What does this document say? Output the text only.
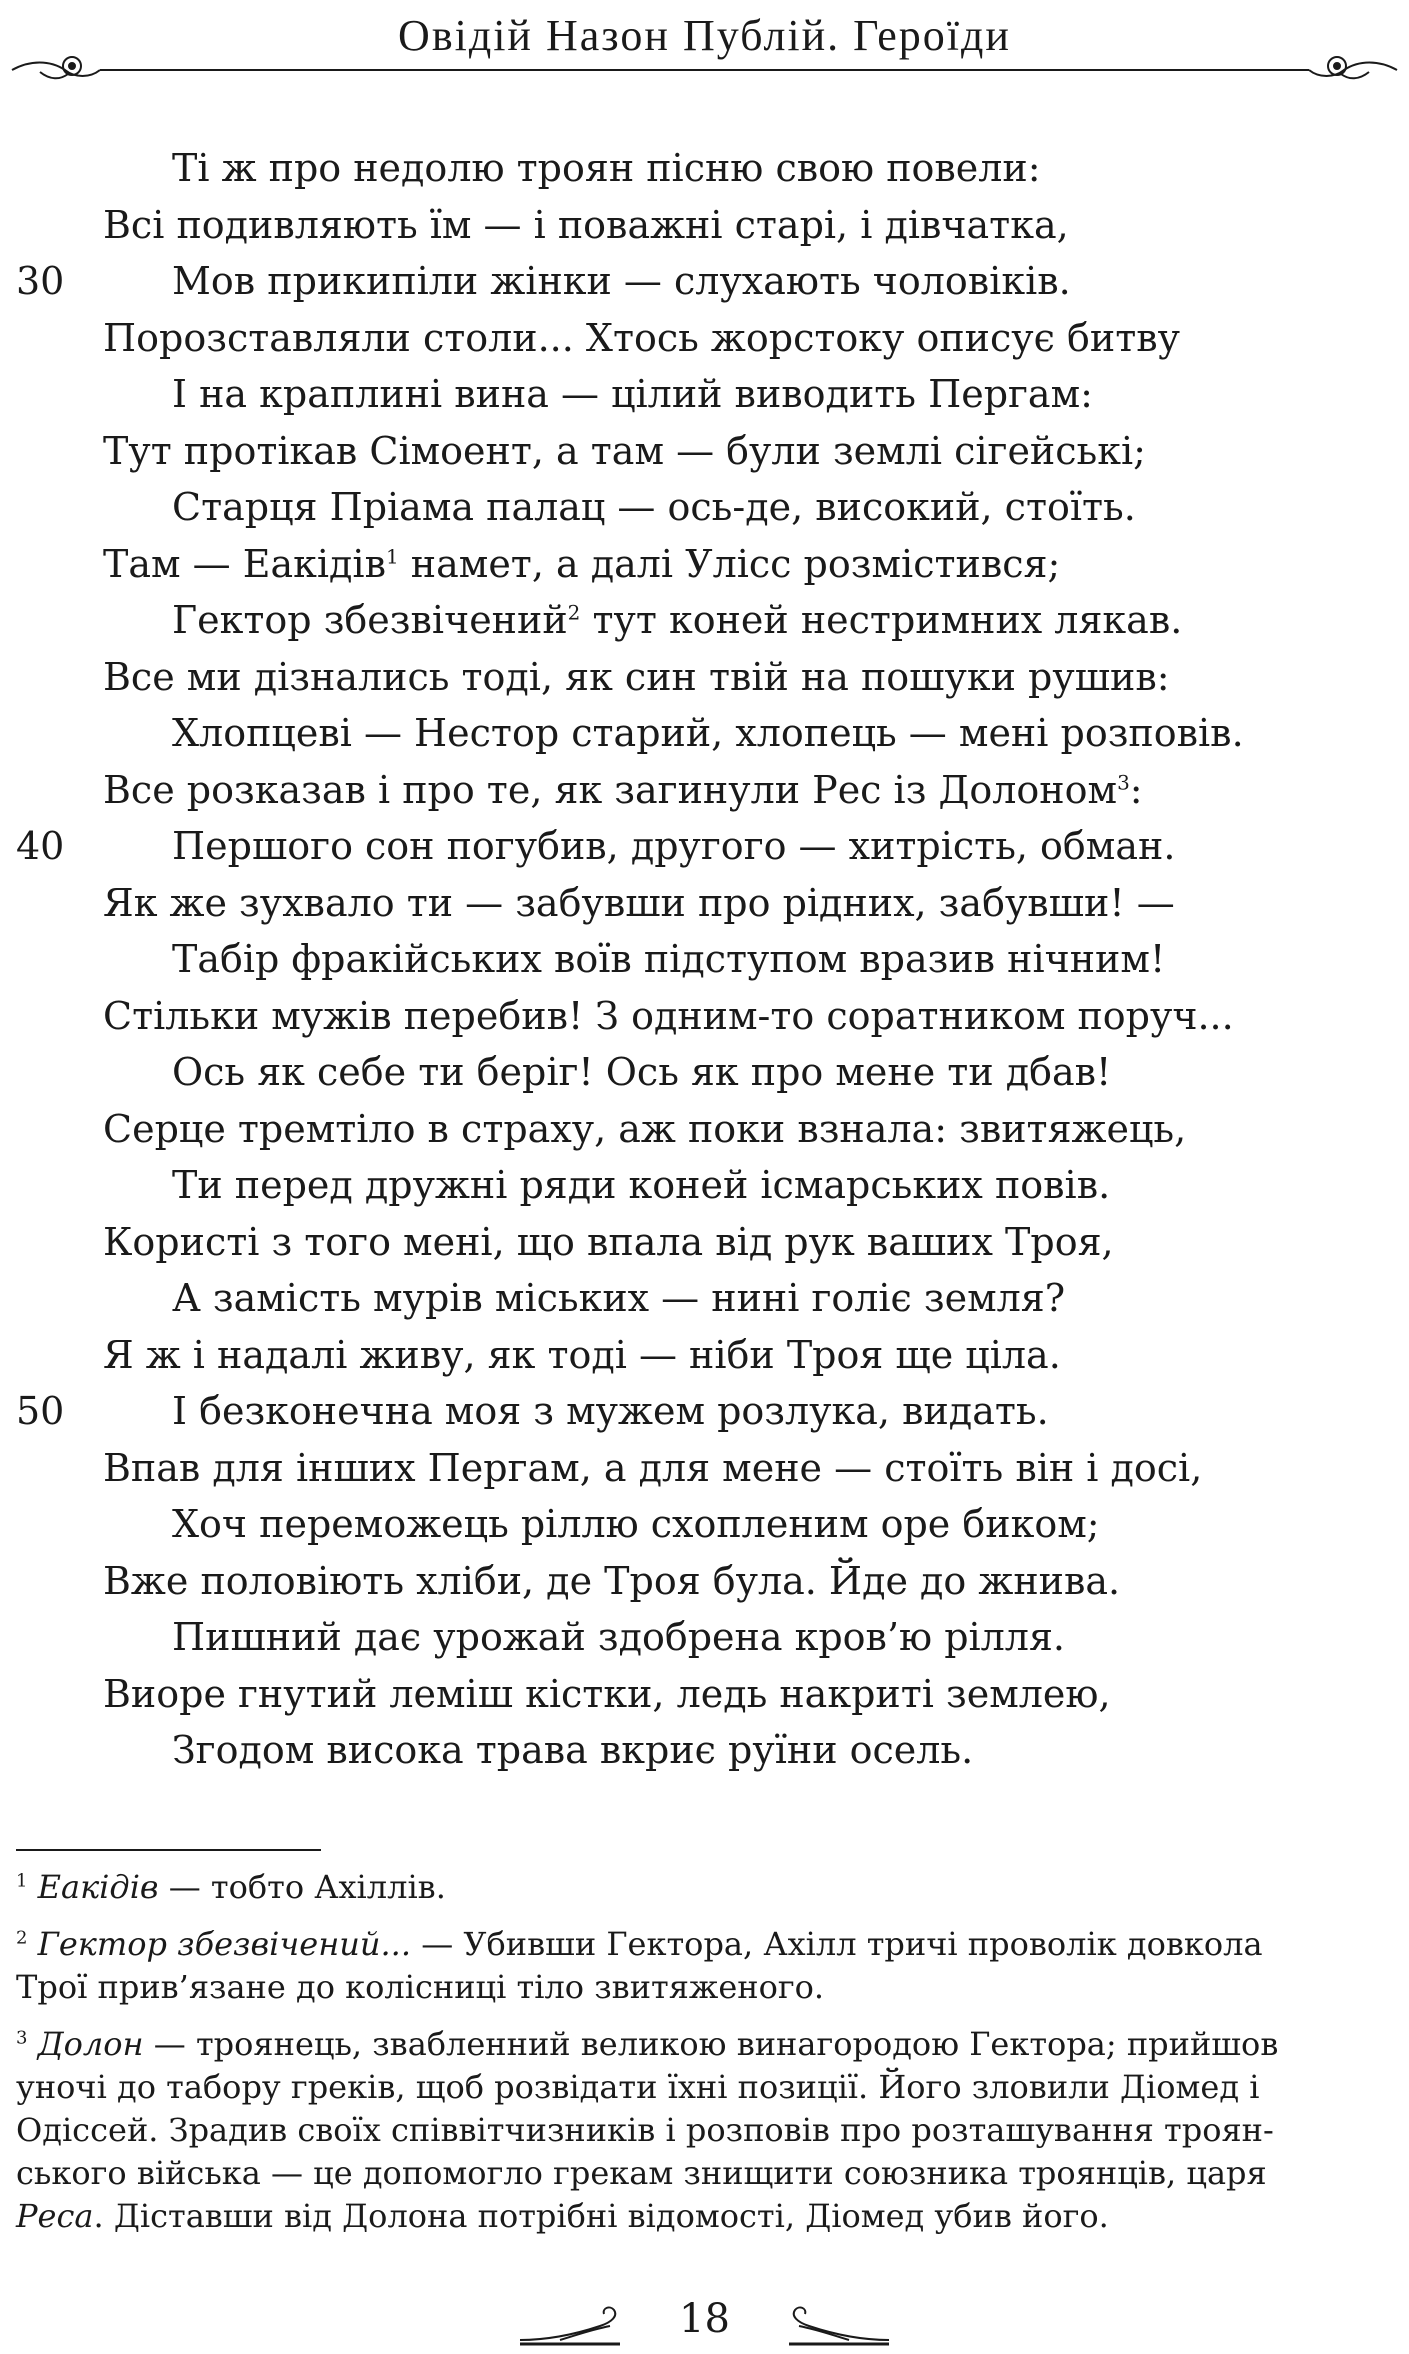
Овідій Назон Публій. Героїди
Ті ж про недолю троян пісню свою повели:
Всі подивляють їм — і поважні старі, і дівчатка,
30	Мов прикипіли жінки — слухають чоловіків.
Порозставляли столи... Хтось жорстоку описує битву
І на краплині вина — цілий виводить Пергам:
Тут протікав Сімоент, а там — були землі сігейські;
Старця Пріама палац — ось-де, високий, стоїть.
Там — Еакідів$^1$ намет, а далі Улісс розмістився;
Гектор збезвічений$^2$ тут коней нестримних лякав.
Все ми дізнались тоді, як син твій на пошуки рушив:
Хлопцеві — Нестор старий, хлопець — мені розповів.
Все розказав і про те, як загинули Рес із Долоном$^3$:
40	Першого сон погубив, другого — хитрість, обман.
Як же зухвало ти — забувши про рідних, забувши! —
Табір фракійських воїв підступом вразив нічним!
Стільки мужів перебив! З одним-то соратником поруч...
Ось як себе ти беріг! Ось як про мене ти дбав!
Серце тремтіло в страху, аж поки взнала: звитяжець,
Ти перед дружні ряди коней ісмарських повів.
Користі з того мені, що впала від рук ваших Троя,
А замість мурів міських — нині голіє земля?
Я ж і надалі живу, як тоді — ніби Троя ще ціла.
50	І безконечна моя з мужем розлука, видать.
Впав для інших Пергам, а для мене — стоїть він і досі,
Хоч переможець ріллю схопленим оре биком;
Вже половіють хліби, де Троя була. Йде до жнива.
Пишний дає урожай здобрена кров’ю рілля.
Виоре гнутий леміш кістки, ледь накриті землею,
Згодом висока трава вкриє руїни осель.
$^1$ Еакідів — тобто Ахіллів.
$^2$ Гектор збезвічений... — Убивши Гектора, Ахілл тричі проволік довкола
Трої прив’язане до колісниці тіло звитяженого.
$^3$ Долон — троянець, звабленний великою винагородою Гектора; прийшов
уночі до табору греків, щоб розвідати їхні позиції. Його зловили Діомед і
Одіссей. Зрадив своїх співвітчизників і розповів про розташування троян-
ського війська — це допомогло грекам знищити союзника троянців, царя
Реса. Діставши від Долона потрібні відомості, Діомед убив його.
18
